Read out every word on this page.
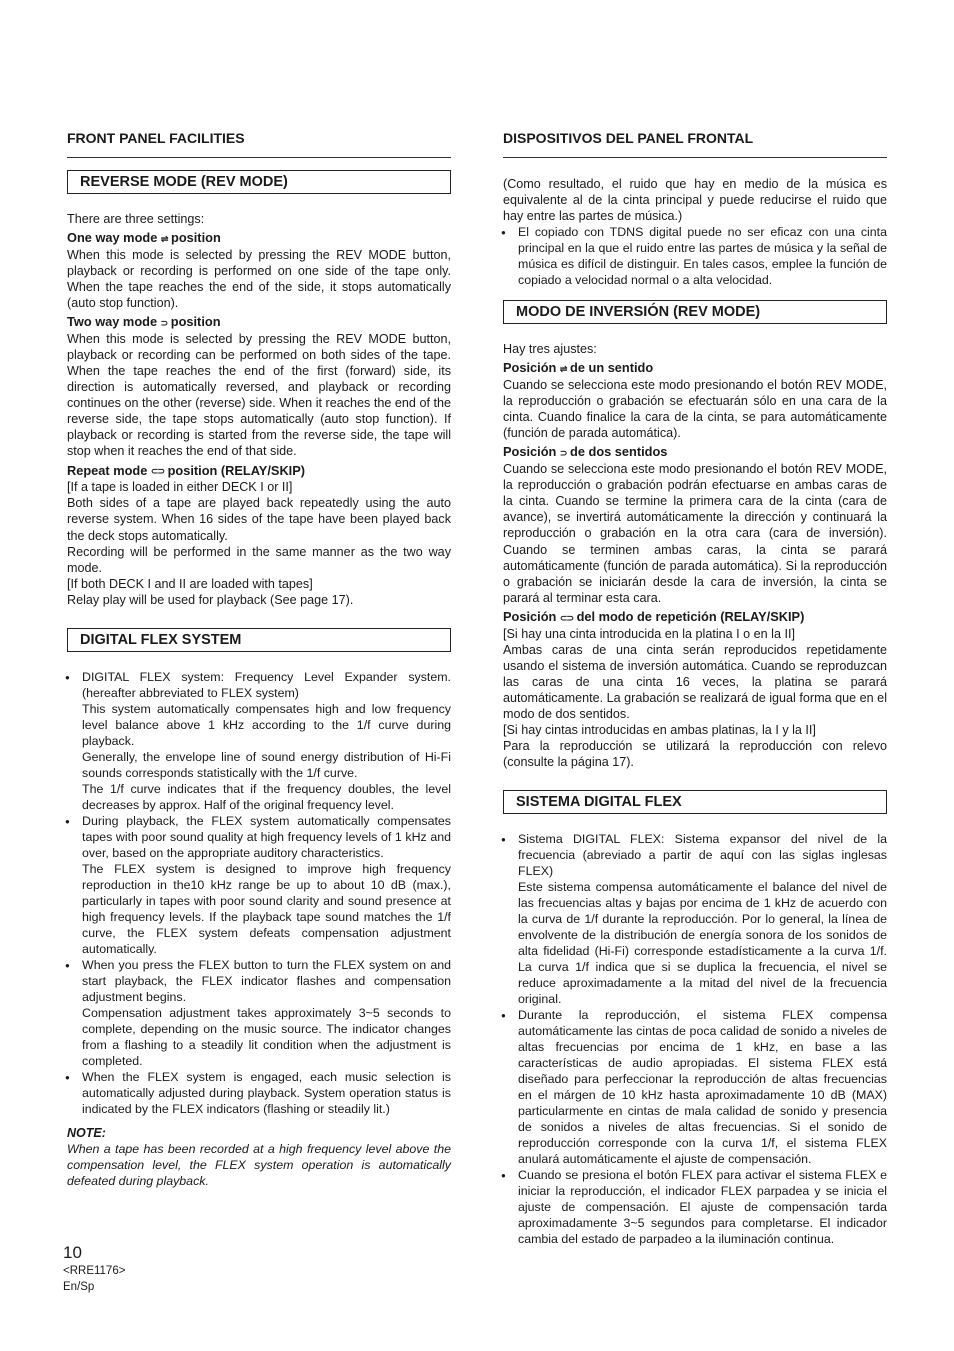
FRONT PANEL FACILITIES
REVERSE MODE (REV MODE)

There are three settings:

One way mode ⇌ position

When this mode is selected by pressing the REV MODE button, playback or recording is performed on one side of the tape only. When the tape reaches the end of the side, it stops automatically (auto stop function).

Two way mode ⊃ position

When this mode is selected by pressing the REV MODE button, playback or recording can be performed on both sides of the tape. When the tape reaches the end of the first (forward) side, its direction is automatically reversed, and playback or recording continues on the other (reverse) side. When it reaches the end of the reverse side, the tape stops automatically (auto stop function). If playback or recording is started from the reverse side, the tape will stop when it reaches the end of that side.

Repeat mode ⊂⊃ position (RELAY/SKIP)

[If a tape is loaded in either DECK I or II]

Both sides of a tape are played back repeatedly using the auto reverse system. When 16 sides of the tape have been played back the deck stops automatically.

Recording will be performed in the same manner as the two way mode.

[If both DECK I and II are loaded with tapes]

Relay play will be used for playback (See page 17).

DIGITAL FLEX SYSTEM

● DIGITAL FLEX system: Frequency Level Expander system. (hereafter abbreviated to FLEX system)

This system automatically compensates high and low frequency level balance above 1 kHz according to the 1/f curve during playback.

Generally, the envelope line of sound energy distribution of Hi-Fi sounds corresponds statistically with the 1/f curve.

The 1/f curve indicates that if the frequency doubles, the level decreases by approx. Half of the original frequency level.

● During playback, the FLEX system automatically compensates tapes with poor sound quality at high frequency levels of 1 kHz and over, based on the appropriate auditory characteristics.

The FLEX system is designed to improve high frequency reproduction in the10 kHz range be up to about 10 dB (max.), particularly in tapes with poor sound clarity and sound presence at high frequency levels. If the playback tape sound matches the 1/f curve, the FLEX system defeats compensation adjustment automatically.

● When you press the FLEX button to turn the FLEX system on and start playback, the FLEX indicator flashes and compensation adjustment begins.

Compensation adjustment takes approximately 3~5 seconds to complete, depending on the music source. The indicator changes from a flashing to a steadily lit condition when the adjustment is completed.

● When the FLEX system is engaged, each music selection is automatically adjusted during playback. System operation status is indicated by the FLEX indicators (flashing or steadily lit.)

NOTE:

When a tape has been recorded at a high frequency level above the compensation level, the FLEX system operation is automatically defeated during playback.

DISPOSITIVOS DEL PANEL FRONTAL

(Como resultado, el ruido que hay en medio de la música es equivalente al de la cinta principal y puede reducirse el ruido que hay entre las partes de música.)

● El copiado con TDNS digital puede no ser eficaz con una cinta principal en la que el ruido entre las partes de música y la señal de música es difícil de distinguir. En tales casos, emplee la función de copiado a velocidad normal o a alta velocidad.

MODO DE INVERSIÓN (REV MODE)

Hay tres ajustes:

Posición ⇌ de un sentido

Cuando se selecciona este modo presionando el botón REV MODE, la reproducción o grabación se efectuarán sólo en una cara de la cinta. Cuando finalice la cara de la cinta, se para automáticamente (función de parada automática).

Posición ⊃ de dos sentidos

Cuando se selecciona este modo presionando el botón REV MODE, la reproducción o grabación podrán efectuarse en ambas caras de la cinta. Cuando se termine la primera cara de la cinta (cara de avance), se invertirá automáticamente la dirección y continuará la reproducción o grabación en la otra cara (cara de inversión). Cuando se terminen ambas caras, la cinta se parará automáticamente (función de parada automática). Si la reproducción o grabación se iniciarán desde la cara de inversión, la cinta se parará al terminar esta cara.

Posición ⊂⊃ del modo de repetición (RELAY/SKIP)

[Si hay una cinta introducida en la platina I o en la II]

Ambas caras de una cinta serán reproducidos repetidamente usando el sistema de inversión automática. Cuando se reproduzcan las caras de una cinta 16 veces, la platina se parará automáticamente. La grabación se realizará de igual forma que en el modo de dos sentidos.

[Si hay cintas introducidas en ambas platinas, la I y la II]

Para la reproducción se utilizará la reproducción con relevo (consulte la página 17).

SISTEMA DIGITAL FLEX

● Sistema DIGITAL FLEX: Sistema expansor del nivel de la frecuencia (abreviado a partir de aquí con las siglas inglesas FLEX)

Este sistema compensa automáticamente el balance del nivel de las frecuencias altas y bajas por encima de 1 kHz de acuerdo con la curva de 1/f durante la reproducción. Por lo general, la línea de envolvente de la distribución de energía sonora de los sonidos de alta fidelidad (Hi-Fi) corresponde estadísticamente a la curva 1/f. La curva 1/f indica que si se duplica la frecuencia, el nivel se reduce aproximadamente a la mitad del nivel de la frecuencia original.

● Durante la reproducción, el sistema FLEX compensa automáticamente las cintas de poca calidad de sonido a niveles de altas frecuencias por encima de 1 kHz, en base a las características de audio apropiadas. El sistema FLEX está diseñado para perfeccionar la reproducción de altas frecuencias en el márgen de 10 kHz hasta aproximadamente 10 dB (MAX) particularmente en cintas de mala calidad de sonido y presencia de sonidos a niveles de altas frecuencias. Si el sonido de reproducción corresponde con la curva 1/f, el sistema FLEX anulará automáticamente el ajuste de compensación.

● Cuando se presiona el botón FLEX para activar el sistema FLEX e iniciar la reproducción, el indicador FLEX parpadea y se inicia el ajuste de compensación. El ajuste de compensación tarda aproximadamente 3~5 segundos para completarse. El indicador cambia del estado de parpadeo a la iluminación continua.

10
<RRE1176>
En/Sp
